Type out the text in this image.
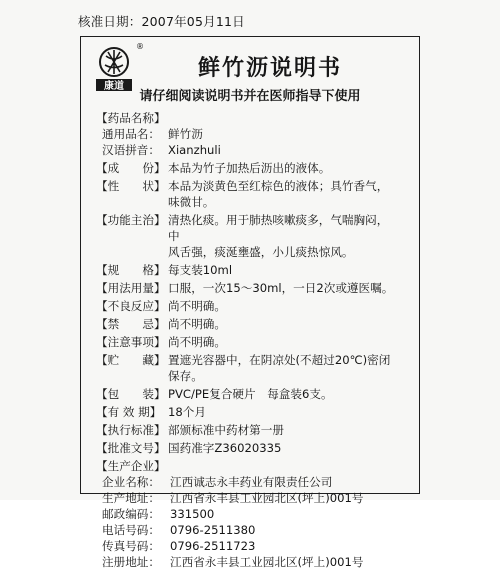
核准日期：2007年05月11日
康道
®
鲜竹沥说明书
请仔细阅读说明书并在医师指导下使用
【药品名称】

通用品名： 鲜竹沥
汉语拼音： Xianzhuli
【成　　份】 本品为竹子加热后沥出的液体。
【性　　状】 本品为淡黄色至红棕色的液体；具竹香气，
味微甘。
【功能主治】 清热化痰。用于肺热咳嗽痰多，气喘胸闷，中
风舌强，痰涎壅盛，小儿痰热惊风。
【规　　格】 每支装10ml
【用法用量】 口服，一次15～30ml，一日2次或遵医嘱。
【不良反应】 尚不明确。
【禁　　忌】 尚不明确。
【注意事项】 尚不明确。
【贮　　藏】 置遮光容器中，在阴凉处(不超过20℃)密闭保存。
【包　　装】 PVC/PE复合硬片　每盒装6支。
【有 效 期】 18个月
【执行标准】 部颁标准中药材第一册
【批准文号】 国药准字Z36020335
【生产企业】

企业名称： 江西诚志永丰药业有限责任公司
生产地址： 江西省永丰县工业园北区(坪上)001号
邮政编码： 331500
电话号码： 0796-2511380
传真号码： 0796-2511723
注册地址： 江西省永丰县工业园北区(坪上)001号
